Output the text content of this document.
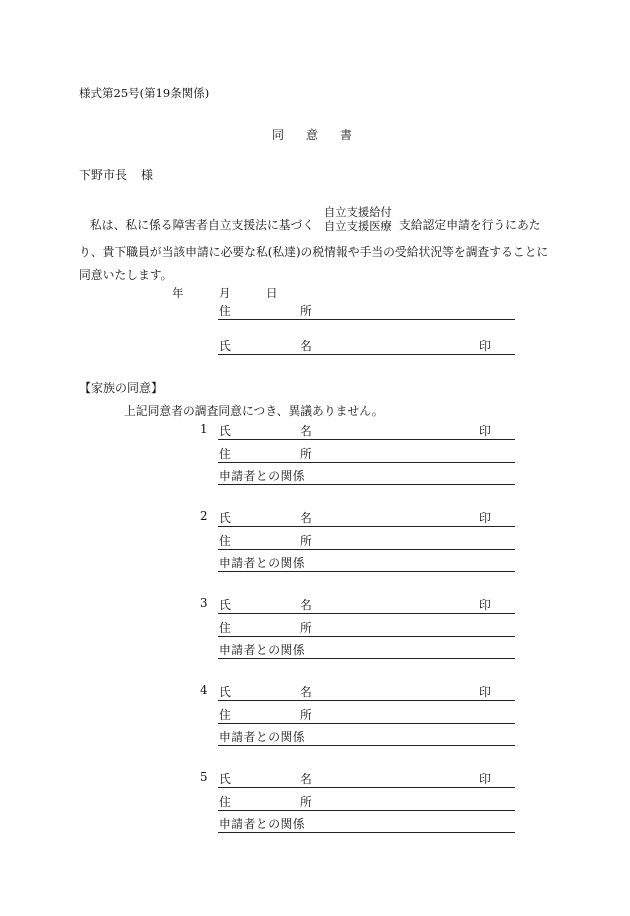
様式第25号(第19条関係)
同意書
下野市長 様
私は、私に係る障害者自立支援法に基づく
自立支援給付
自立支援医療 支給認定申請を行うにあた
り、貴下職員が当該申請に必要な私(私達)の税情報や手当の受給状況等を調査することに
同意いたします。
年	月	日
住	所
氏	名	印
【家族の同意】
上記同意者の調査同意につき、異議ありません。
1 氏	名	印
住	所
申請者との関係
2 氏	名	印
住	所
申請者との関係
3 氏	名	印
住	所
申請者との関係
4 氏	名	印
住	所
申請者との関係
5 氏	名	印
住	所
申請者との関係
